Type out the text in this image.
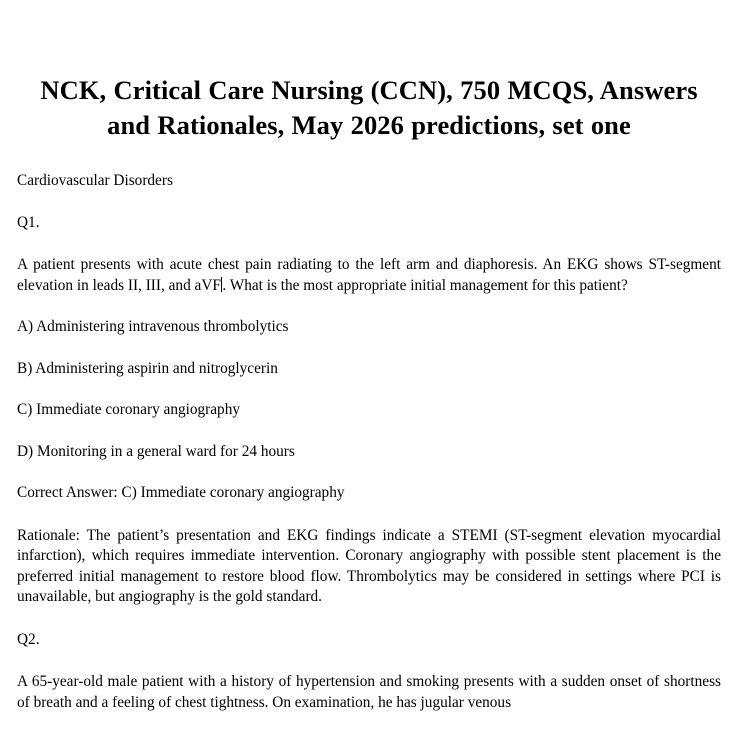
NCK, Critical Care Nursing (CCN), 750 MCQS, Answers and Rationales, May 2026 predictions, set one

Cardiovascular Disorders

Q1.

A patient presents with acute chest pain radiating to the left arm and diaphoresis. An EKG shows ST-segment elevation in leads II, III, and aVF. What is the most appropriate initial management for this patient?

A) Administering intravenous thrombolytics

B) Administering aspirin and nitroglycerin

C) Immediate coronary angiography

D) Monitoring in a general ward for 24 hours

Correct Answer: C) Immediate coronary angiography

Rationale: The patient’s presentation and EKG findings indicate a STEMI (ST-segment elevation myocardial infarction), which requires immediate intervention. Coronary angiography with possible stent placement is the preferred initial management to restore blood flow. Thrombolytics may be considered in settings where PCI is unavailable, but angiography is the gold standard.

Q2.

A 65-year-old male patient with a history of hypertension and smoking presents with a sudden onset of shortness of breath and a feeling of chest tightness. On examination, he has jugular venous
